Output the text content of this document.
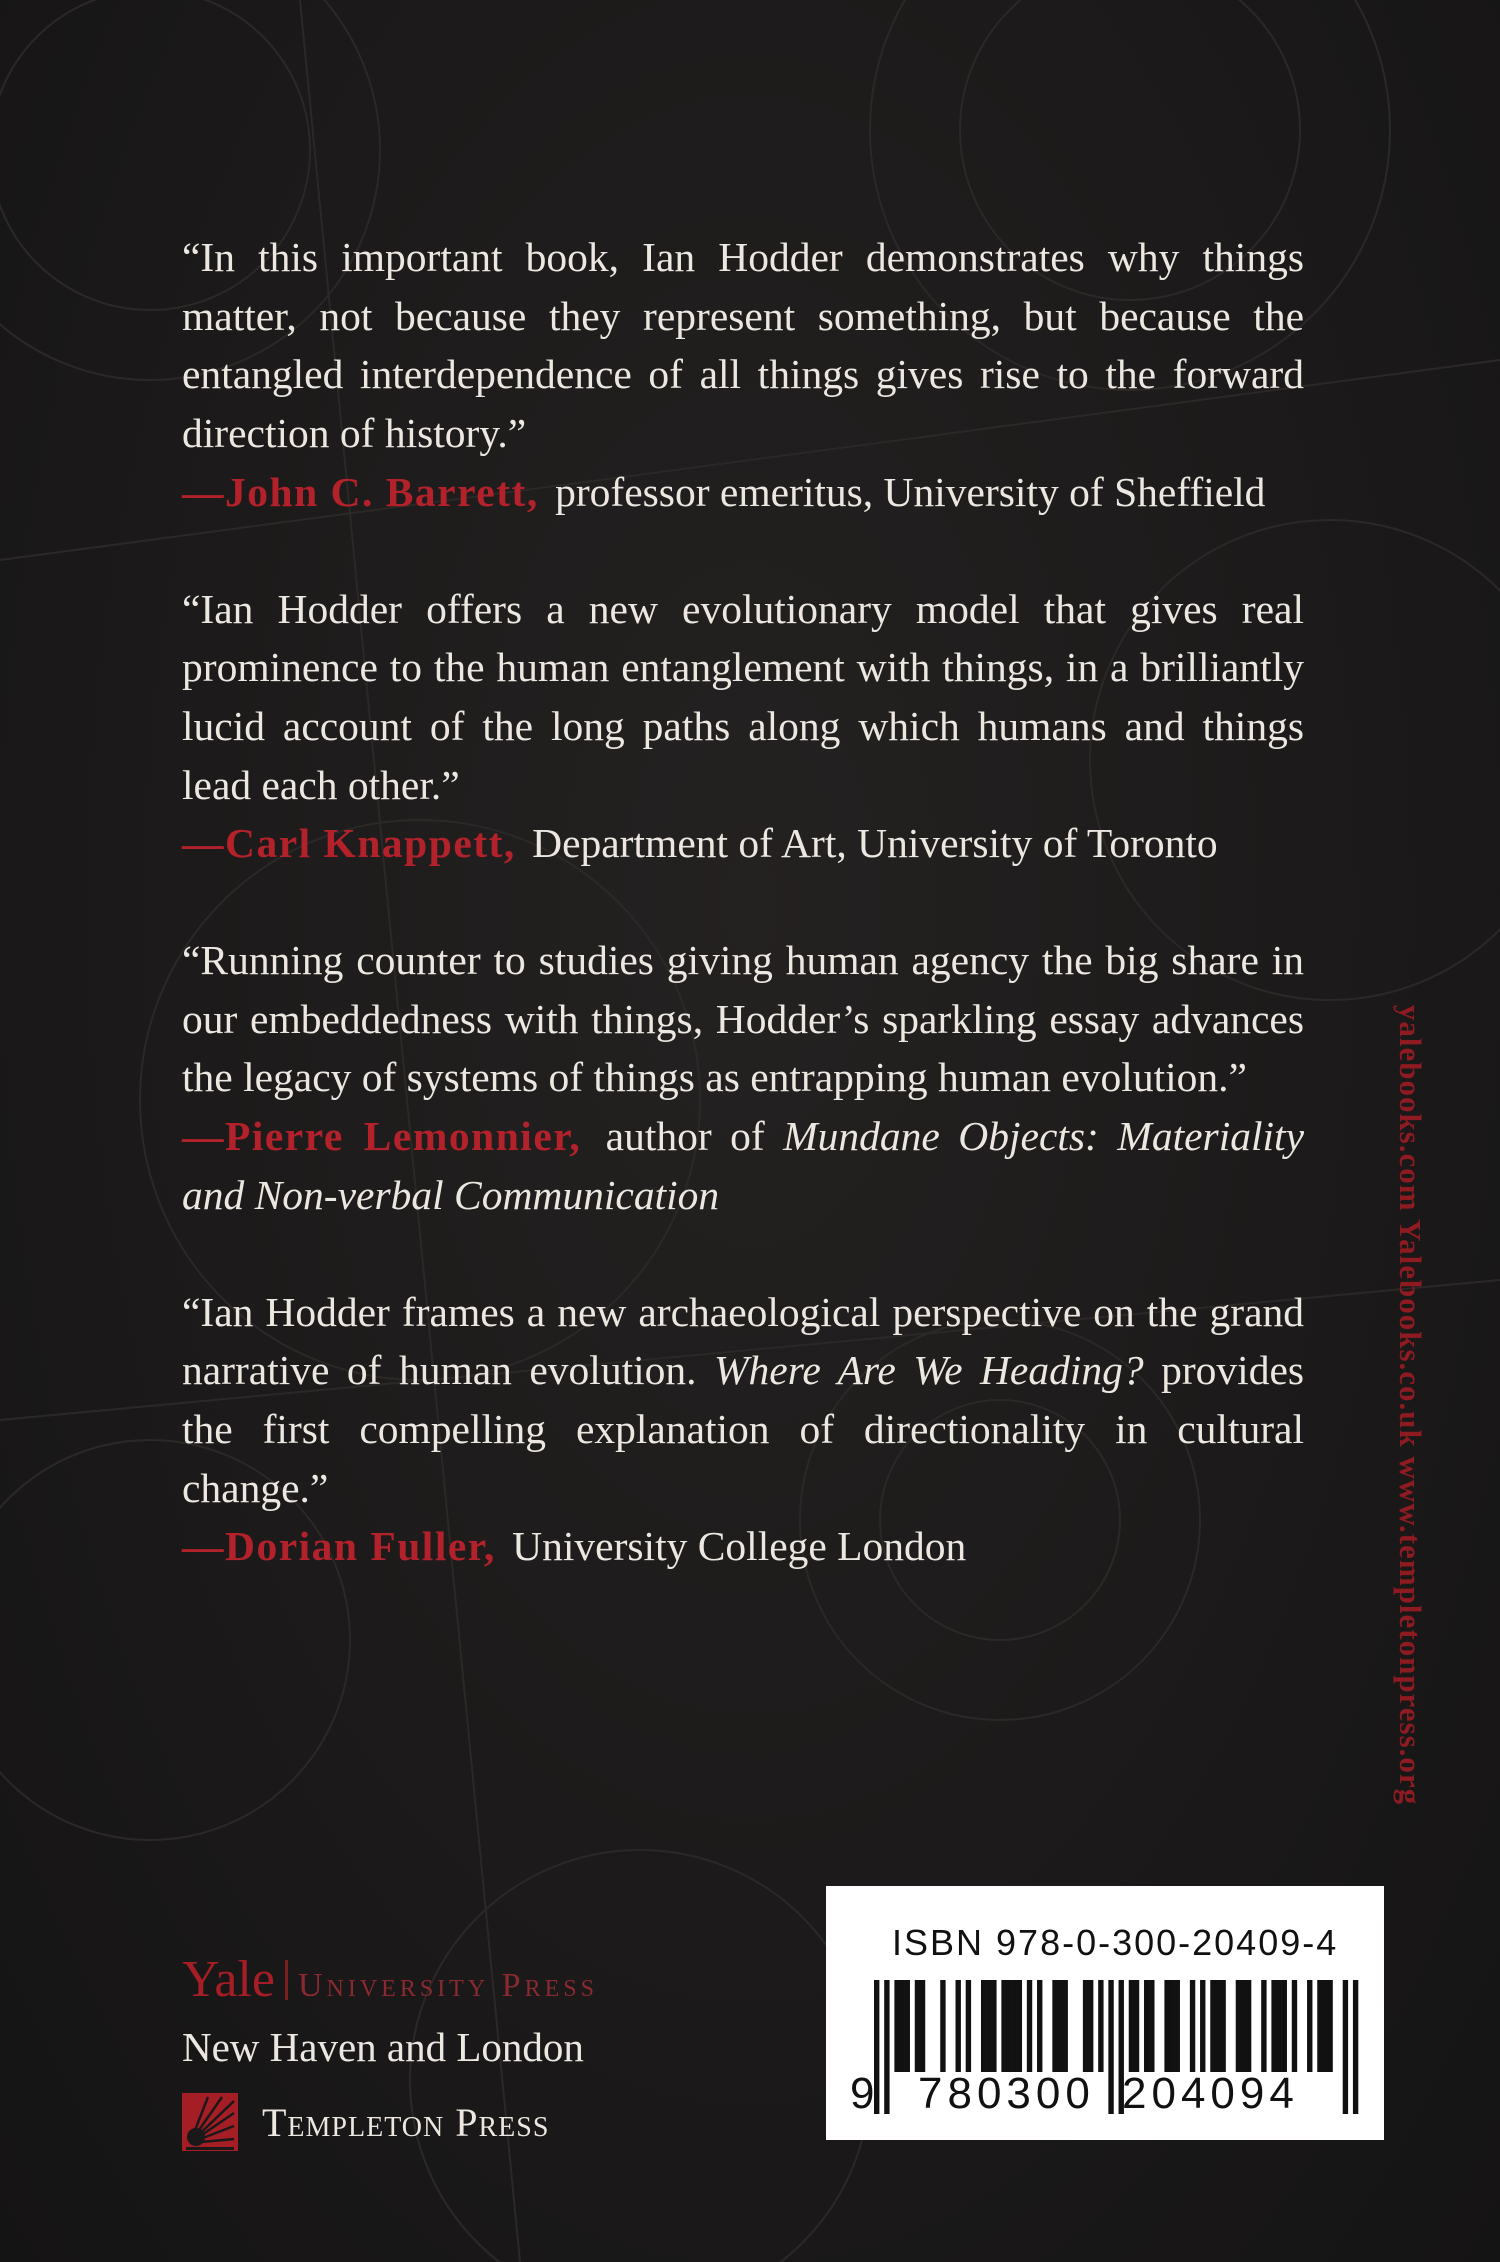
“In this important book, Ian Hodder demonstrates why things matter, not because they represent something, but because the entangled interdependence of all things gives rise to the forward direction of history.”

—John C. Barrett, professor emeritus, University of Sheffield

“Ian Hodder offers a new evolutionary model that gives real prominence to the human entanglement with things, in a brilliantly lucid account of the long paths along which humans and things lead each other.”

—Carl Knappett, Department of Art, University of Toronto

“Running counter to studies giving human agency the big share in our embeddedness with things, Hodder’s sparkling essay advances the legacy of systems of things as entrapping human evolution.”

—Pierre Lemonnier, author of Mundane Objects: Materiality and Non-verbal Communication

“Ian Hodder frames a new archaeological perspective on the grand narrative of human evolution. Where Are We Heading? provides the first compelling explanation of directionality in cultural change.”

—Dorian Fuller, University College London	yalebooks.com Yalebooks.co.uk www.templetonpress.org
Yale University Press
New Haven and London
Templeton Press
ISBN 978-0-300-20409-4
9 780300 204094
